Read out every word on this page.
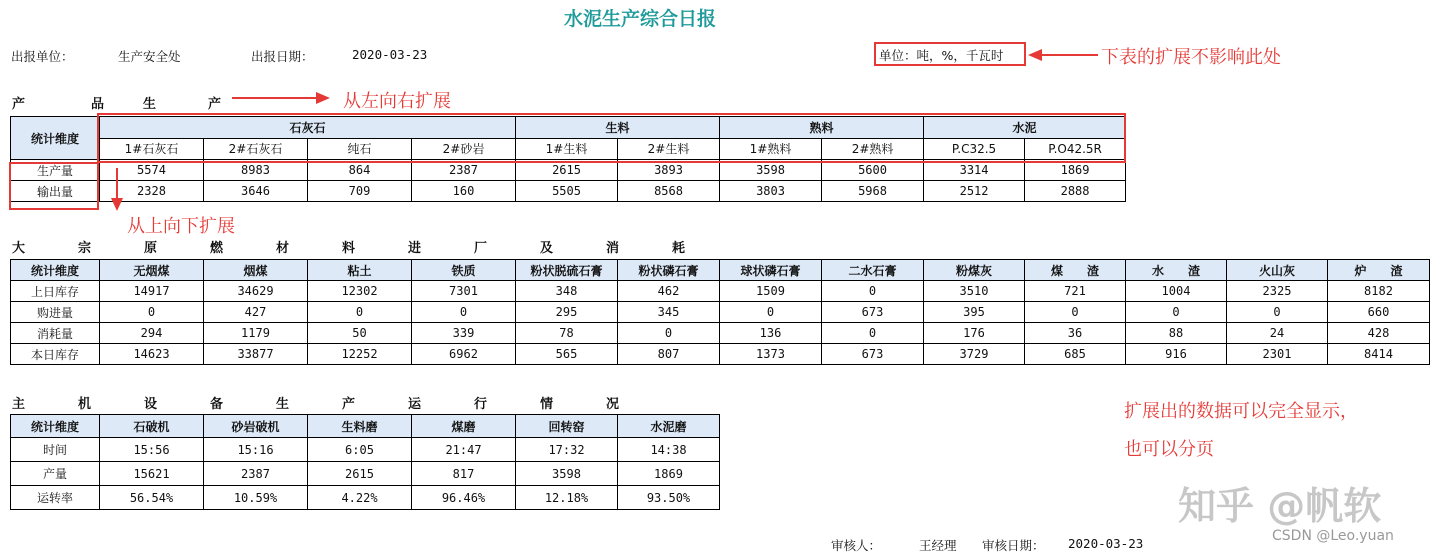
水泥生产综合日报
出报单位：	生产安全处	出报日期：	2020-03-23	单位：吨，%，千瓦时	下表的扩展不影响此处
产	品	生	产	从左向右扩展
统计维度	石灰石				生料		熟料		水泥	
	1#石灰石	2#石灰石	纯石	2#砂岩	1#生料	2#生料	1#熟料	2#熟料	P.C32.5	P.O42.5R
生产量	5574	8983	864	2387	2615	3893	3598	5600	3314	1869
输出量	2328	3646	709	160	5505	8568	3803	5968	2512	2888
从上向下扩展
大	宗	原	燃	材	料	进	厂	及	消	耗
统计维度	无烟煤	烟煤	粘土	铁质	粉状脱硫石膏	粉状磷石膏	球状磷石膏	二水石膏	粉煤灰	煤　　渣	水　　渣	火山灰	炉　　渣
上日库存	14917	34629	12302	7301	348	462	1509	0	3510	721	1004	2325	8182
购进量	0	427	0	0	295	345	0	673	395	0	0	0	660
消耗量	294	1179	50	339	78	0	136	0	176	36	88	24	428
本日库存	14623	33877	12252	6962	565	807	1373	673	3729	685	916	2301	8414
主	机	设	备	生	产	运	行	情	况
统计维度	石破机	砂岩破机	生料磨	煤磨	回转窑	水泥磨
时间	15:56	15:16	6:05	21:47	17:32	14:38
产量	15621	2387	2615	817	3598	1869
运转率	56.54%	10.59%	4.22%	96.46%	12.18%	93.50%
扩展出的数据可以完全显示，
也可以分页
知乎 @帆软
CSDN @Leo.yuan
审核人：	王经理 审核日期： 2020-03-23
